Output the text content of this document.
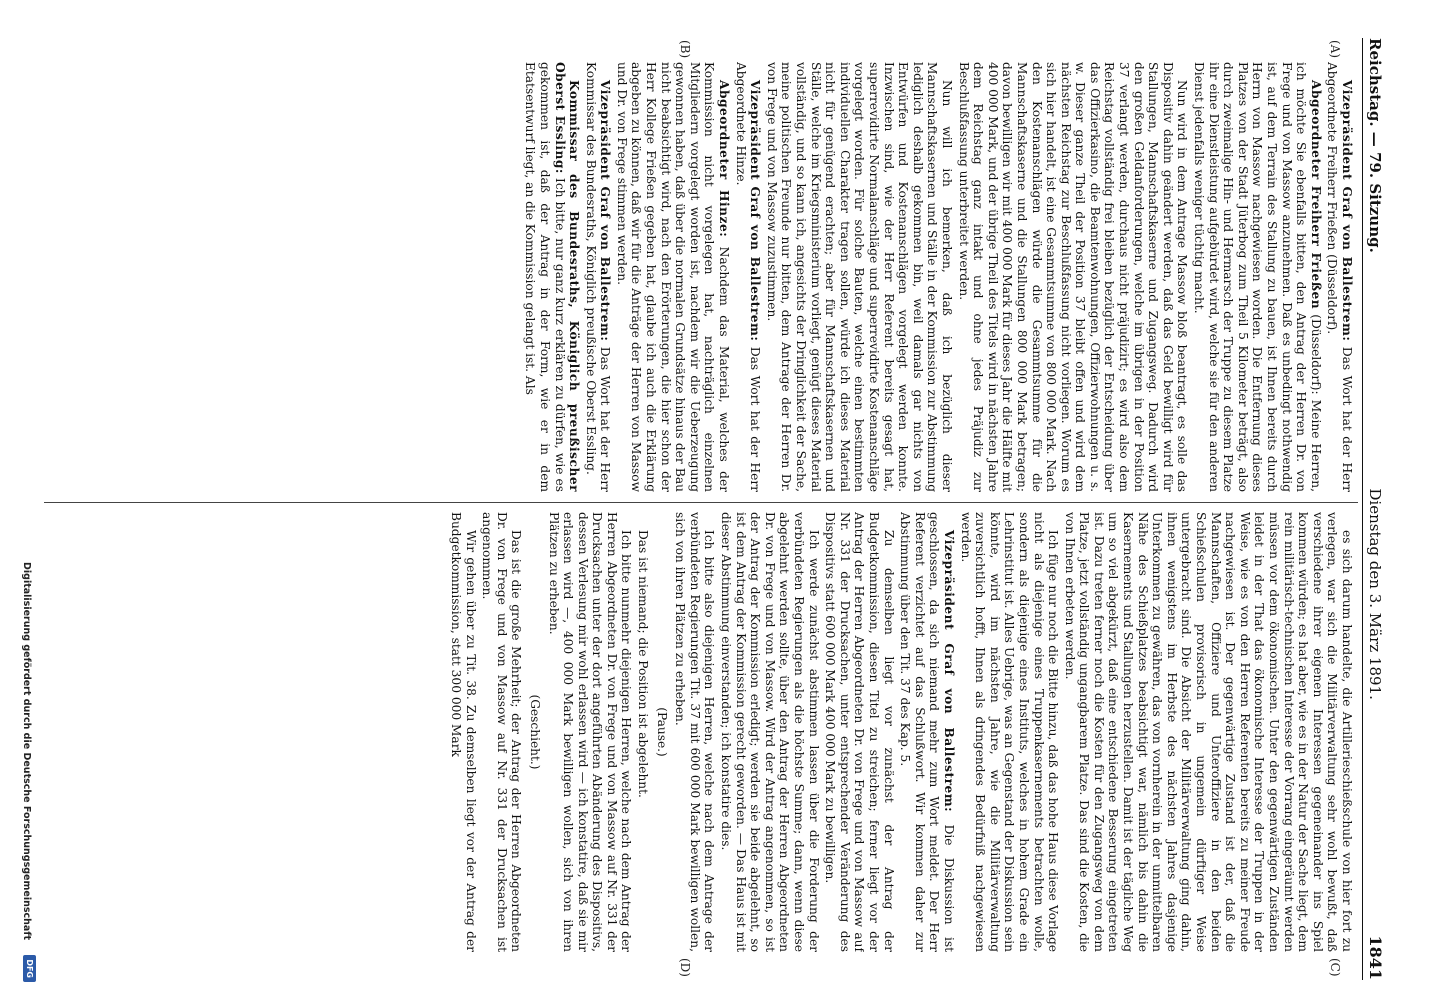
Reichstag. — 79. Sitzung.
Dienstag den 3. März 1891.
1841
(A)
(B)
(C)
(D)

Vizepräsident Graf von Ballestrem: Das Wort hat der Herr Abgeordnete Freiherr Frießen (Düsseldorf).

Abgeordneter Freiherr Frießen (Düsseldorf): Meine Herren, ich möchte Sie ebenfalls bitten, den Antrag der Herren Dr. von Frege und von Massow anzunehmen. Daß es unbedingt nothwendig ist, auf dem Terrain des Stallung zu bauen, ist Ihnen bereits durch Herrn von Massow nachgewiesen worden. Die Entfernung dieses Platzes von der Stadt Jüterbog zum Theil 5 Kilometer beträgt, also durch zweimalige Hin- und Hermarsch der Truppe zu diesem Platze ihr eine Dienstleistung aufgebürdet wird, welche sie für den anderen Dienst jedenfalls weniger tüchtig macht.

Nun wird in dem Antrage Massow bloß beantragt, es solle das Dispositiv dahin geändert werden, daß das Geld bewilligt wird für Stallungen, Mannschaftskaserne und Zugangsweg. Dadurch wird den großen Geldanforderungen, welche im übrigen in der Position 37 verlangt werden, durchaus nicht präjudizirt; es wird also dem Reichstag vollständig frei bleiben bezüglich der Entscheidung über das Offizierkasino, die Beamtenwohnungen, Offizierwohnungen u. s. w. Dieser ganze Theil der Position 37 bleibt offen und wird dem nächsten Reichstag zur Beschlußfassung nicht vorliegen. Worum es sich hier handelt, ist eine Gesammtsumme von 800 000 Mark. Nach den Kostenanschlägen würde die Gesammtsumme für die Mannschaftskaserne und die Stallungen 800 000 Mark betragen; davon bewilligen wir mit 400 000 Mark für dieses Jahr die Hälfte mit 400 000 Mark, und der übrige Theil des Titels wird in nächsten Jahre dem Reichstag ganz intakt und ohne jedes Präjudiz zur Beschlußfassung unterbreitet werden.

Nun will ich bemerken, daß ich bezüglich dieser Mannschaftskasernen und Ställe in der Kommission zur Abstimmung lediglich deshalb gekommen bin, weil damals gar nichts von Entwürfen und Kostenanschlägen vorgelegt werden konnte. Inzwischen sind, wie der Herr Referent bereits gesagt hat, superrevidirte Normalanschläge und superrevidirte Kostenanschläge vorgelegt worden. Für solche Bauten, welche einen bestimmten individuellen Charakter tragen sollen, würde ich dieses Material nicht für genügend erachten; aber für Mannschaftskasernen und Ställe, welche im Kriegsministerium vorliegt, genügt dieses Material vollständig, und so kann ich, angesichts der Dringlichkeit der Sache, meine politischen Freunde nur bitten, dem Antrage der Herren Dr. von Frege und von Massow zuzustimmen.

Vizepräsident Graf von Ballestrem: Das Wort hat der Herr Abgeordnete Hinze.

Abgeordneter Hinze: Nachdem das Material, welches der Kommission nicht vorgelegen hat, nachträglich einzelnen Mitgliedern vorgelegt worden ist, nachdem wir die Ueberzeugung gewonnen haben, daß über die normalen Grundsätze hinaus der Bau nicht beabsichtigt wird, nach den Erörterungen, die hier schon der Herr Kollege Frießen gegeben hat, glaube ich auch die Erklärung abgeben zu können, daß wir für die Anträge der Herren von Massow und Dr. von Frege stimmen werden.

Vizepräsident Graf von Ballestrem: Das Wort hat der Herr Kommissar des Bundesraths, Königlich preußische Oberst Essling.

Kommissar des Bundesraths, Königlich preußischer Oberst Essling: Ich bitte, nur ganz kurz erklären zu dürfen, wie es gekommen ist, daß der Antrag in der Form, wie er in dem Etatsentwurf liegt, an die Kommission gelangt ist. Als

es sich darum handelte, die Artillerieschießschule von hier fort zu verlegen, war sich die Militärverwaltung sehr wohl bewußt, daß verschiedene ihrer eigenen Interessen gegeneinander ins Spiel kommen würden; es hat aber, wie es in der Natur der Sache liegt, dem rein militärisch-technischen Interesse der Vorrang eingeräumt werden müssen vor dem ökonomischen. Unter den gegenwärtigen Zuständen leidet in der That das ökonomische Interesse der Truppen in der Weise, wie es von den Herren Referenten bereits zu meiner Freude nachgewiesen ist. Der gegenwärtige Zustand ist der, daß die Mannschaften, Offiziere und Unteroffiziere in den beiden Schießschulen provisorisch in ungemein dürftiger Weise untergebracht sind. Die Absicht der Militärverwaltung ging dahin, ihnen wenigstens im Herbste des nächsten Jahres dasjenige Unterkommen zu gewähren, das von vornherein in der unmittelbaren Nähe des Schießplatzes beabsichtigt war, nämlich bis dahin die Kasernements und Stallungen herzustellen. Damit ist der tägliche Weg um so viel abgekürzt, daß eine entschiedene Besserung eingetreten ist. Dazu treten ferner noch die Kosten für den Zugangsweg von dem Platze, jetzt vollständig ungangbarem Platze. Das sind die Kosten, die von Ihnen erbeten werden.

Ich füge nur noch die Bitte hinzu, daß das hohe Haus diese Vorlage nicht als diejenige eines Truppenkasernements betrachten wolle, sondern als diejenige eines Instituts, welches in hohem Grade ein Lehrinstitut ist. Alles Uebrige, was an Gegenstand der Diskussion sein könnte, wird im nächsten Jahre, wie die Militärverwaltung zuversichtlich hofft, Ihnen als dringendes Bedürfniß nachgewiesen werden.

Vizepräsident Graf von Ballestrem: Die Diskussion ist geschlossen, da sich niemand mehr zum Wort meldet. Der Herr Referent verzichtet auf das Schlußwort. Wir kommen daher zur Abstimmung über den Tit. 37 des Kap. 5.

Zu demselben liegt vor zunächst der Antrag der Budgetkommission, diesen Titel zu streichen; ferner liegt vor der Antrag der Herren Abgeordneten Dr. von Frege und von Massow auf Nr. 331 der Drucksachen, unter entsprechender Veränderung des Dispositivs statt 600 000 Mark 400 000 Mark zu bewilligen.

Ich werde zunächst abstimmen lassen über die Forderung der verbündeten Regierungen als die höchste Summe; dann, wenn diese abgelehnt werden sollte, über den Antrag der Herren Abgeordneten Dr. von Frege und von Massow. Wird der Antrag angenommen, so ist der Antrag der Kommission erledigt; werden sie beide abgelehnt, so ist dem Antrag der Kommission gerecht geworden. — Das Haus ist mit dieser Abstimmung einverstanden; ich konstatire dies.

Ich bitte also diejenigen Herren, welche nach dem Antrage der verbündeten Regierungen Tit. 37 mit 600 000 Mark bewilligen wollen, sich von ihren Plätzen zu erheben.

(Pause.)

Das ist niemand; die Position ist abgelehnt.

Ich bitte nunmehr diejenigen Herren, welche nach dem Antrag der Herren Abgeordneten Dr. von Frege und von Massow auf Nr. 331 der Drucksachen unter der dort angeführten Abänderung des Dispositivs, dessen Verlesung mir wohl erlassen wird — ich konstatire, daß sie mir erlassen wird —, 400 000 Mark bewilligen wollen, sich von ihren Plätzen zu erheben.

(Geschieht.)

Das ist die große Mehrheit; der Antrag der Herren Abgeordneten Dr. von Frege und von Massow auf Nr. 331 der Drucksachen ist angenommen.

Wir gehen über zu Tit. 38. Zu demselben liegt vor der Antrag der Budgetkommission, statt 300 000 Mark

Digitalisierung gefördert durch die Deutsche Forschungsgemeinschaft
DFG
